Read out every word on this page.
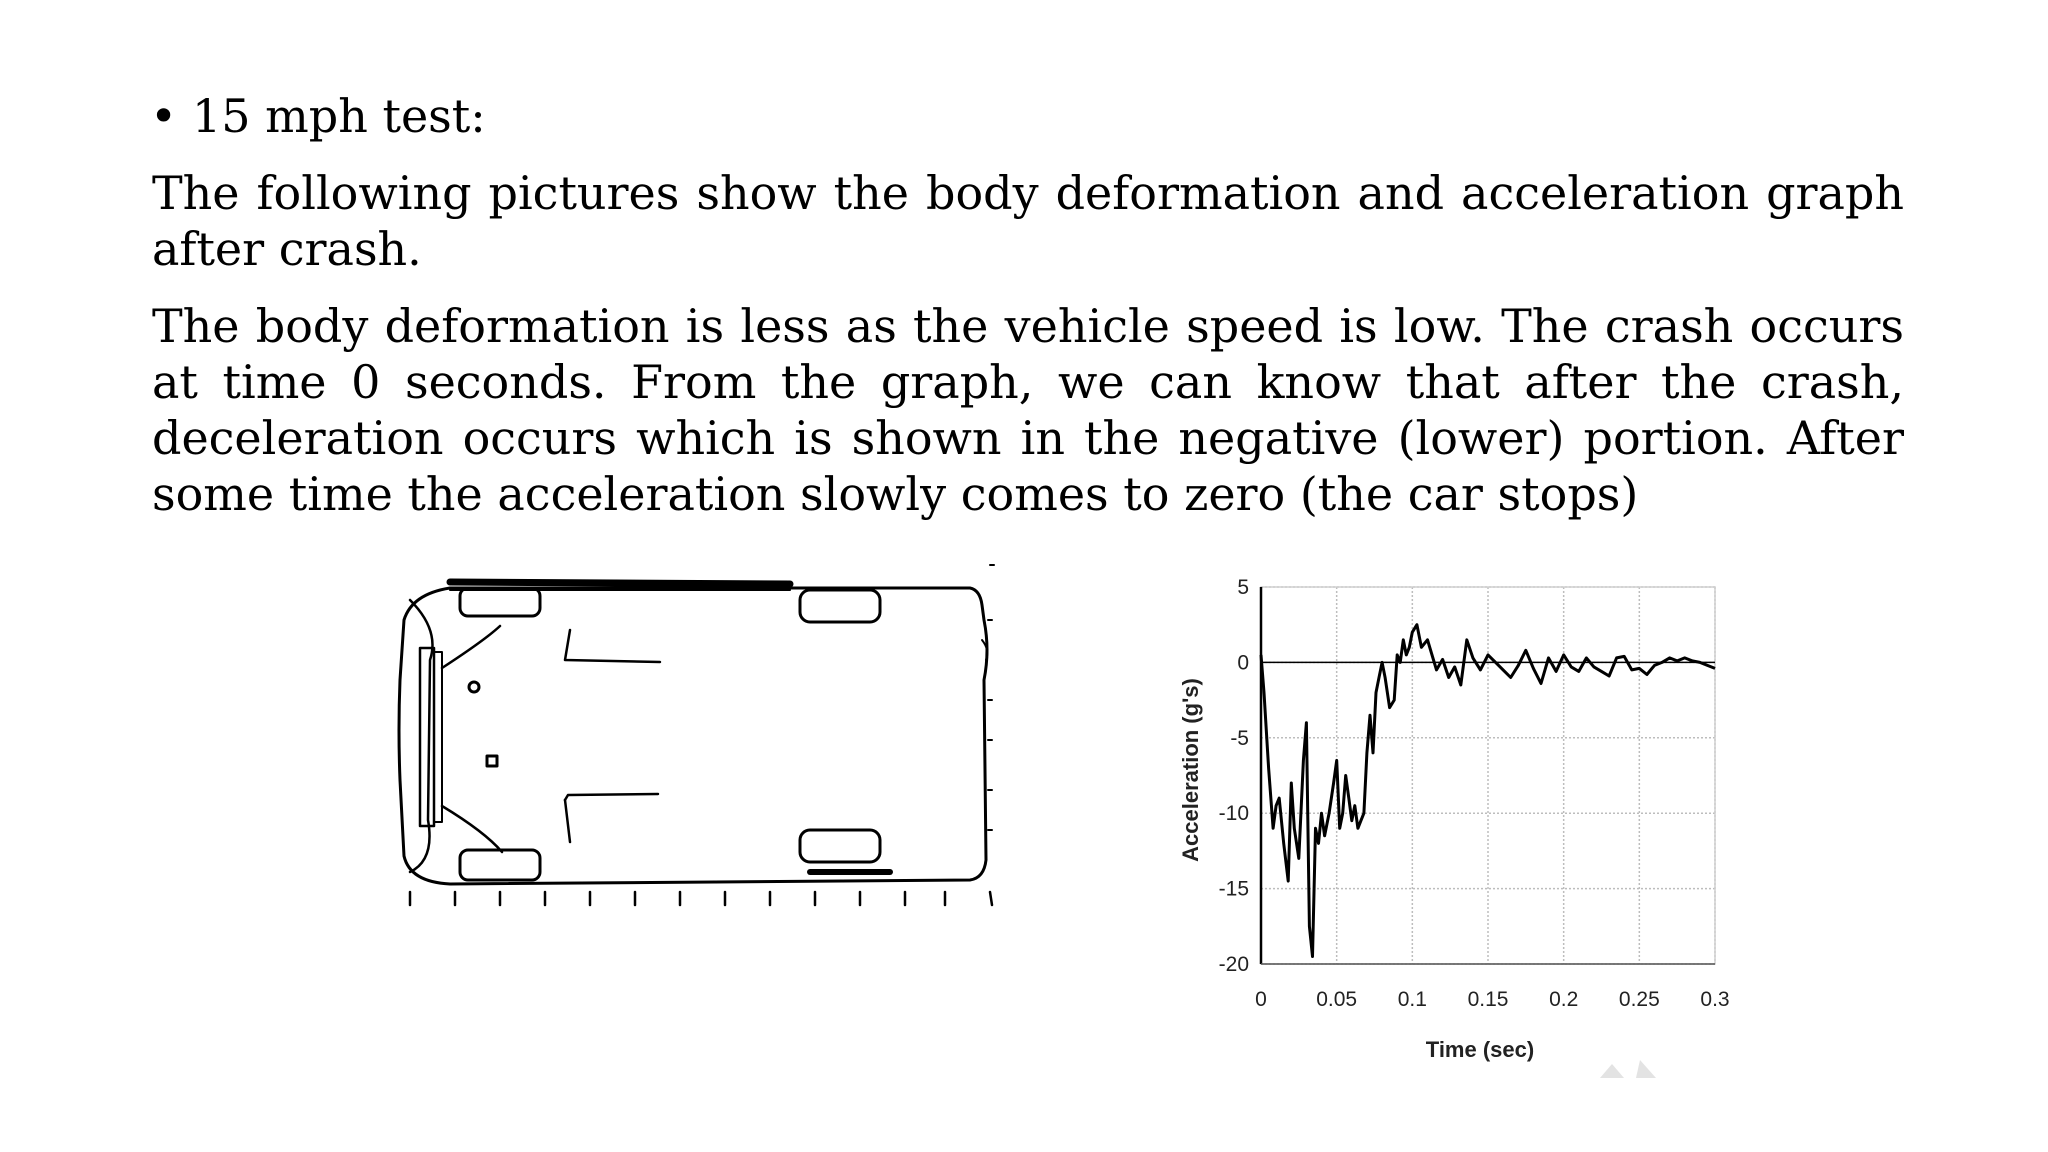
• 15 mph test:

The following pictures show the body deformation and acceleration graph after crash.

The body deformation is less as the vehicle speed is low. The crash occurs at time 0 seconds. From the graph, we can know that after the crash, deceleration occurs which is shown in the negative (lower) portion. After some time the acceleration slowly comes to zero (the car stops)

5
0
-5
-10
-15
-20
0 0.05 0.1 0.15 0.2 0.25 0.3
Time (sec)
Acceleration (g's)
